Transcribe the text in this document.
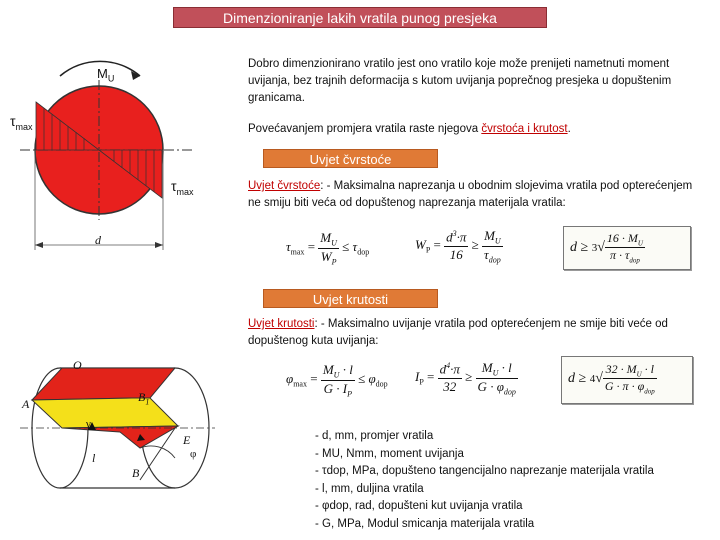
Dimenzioniranje lakih vratila punog presjeka
Dobro dimenzionirano vratilo jest ono vratilo koje može prenijeti nametnuti moment uvijanja, bez trajnih deformacija s kutom uvijanja poprečnog presjeka u dopuštenim granicama.
Povećavanjem promjera vratila raste njegova čvrstoća i krutost.
$M_U$
$\tau_{max}$
$\tau_{max}$
d
Uvjet čvrstoće
Uvjet čvrstoće: - Maksimalna naprezanja u obodnim slojevima vratila pod opterećenjem ne smiju biti veća od dopuštenog naprezanja materijala vratila:
$\tau_{max} = \frac{M_U}{W_P} \le \tau_{dop}$
$W_P = \frac{d^3\cdot\pi}{16} \ge \frac{M_U}{\tau_{dop}}$	$d \ge 3√ \frac{16 \cdot M_U}{\pi \cdot \tau_{dop}}$
Uvjet krutosti
Uvjet krutosti: - Maksimalno uvijanje vratila pod opterećenjem ne smije biti veće od dopuštenog kuta uvijanja:
$\varphi_{max} = \frac{M_U \cdot l}{G \cdot I_P} \le \varphi_{dop}$
$I_P = \frac{d^4\cdot\pi}{32} \ge \frac{M_U \cdot l}{G \cdot \varphi_{dop}}$	$d \ge 4√ \frac{32 \cdot M_U \cdot l}{G \cdot \pi \cdot \varphi_{dop}}$
O
A	$B_1$
E
l
B
γ
φ
- d, mm, promjer vratila
- MU, Nmm, moment uvijanja
- τdop, MPa, dopušteno tangencijalno naprezanje materijala vratila
- l, mm, duljina vratila
- φdop, rad, dopušteni kut uvijanja vratila
- G, MPa, Modul smicanja materijala vratila
